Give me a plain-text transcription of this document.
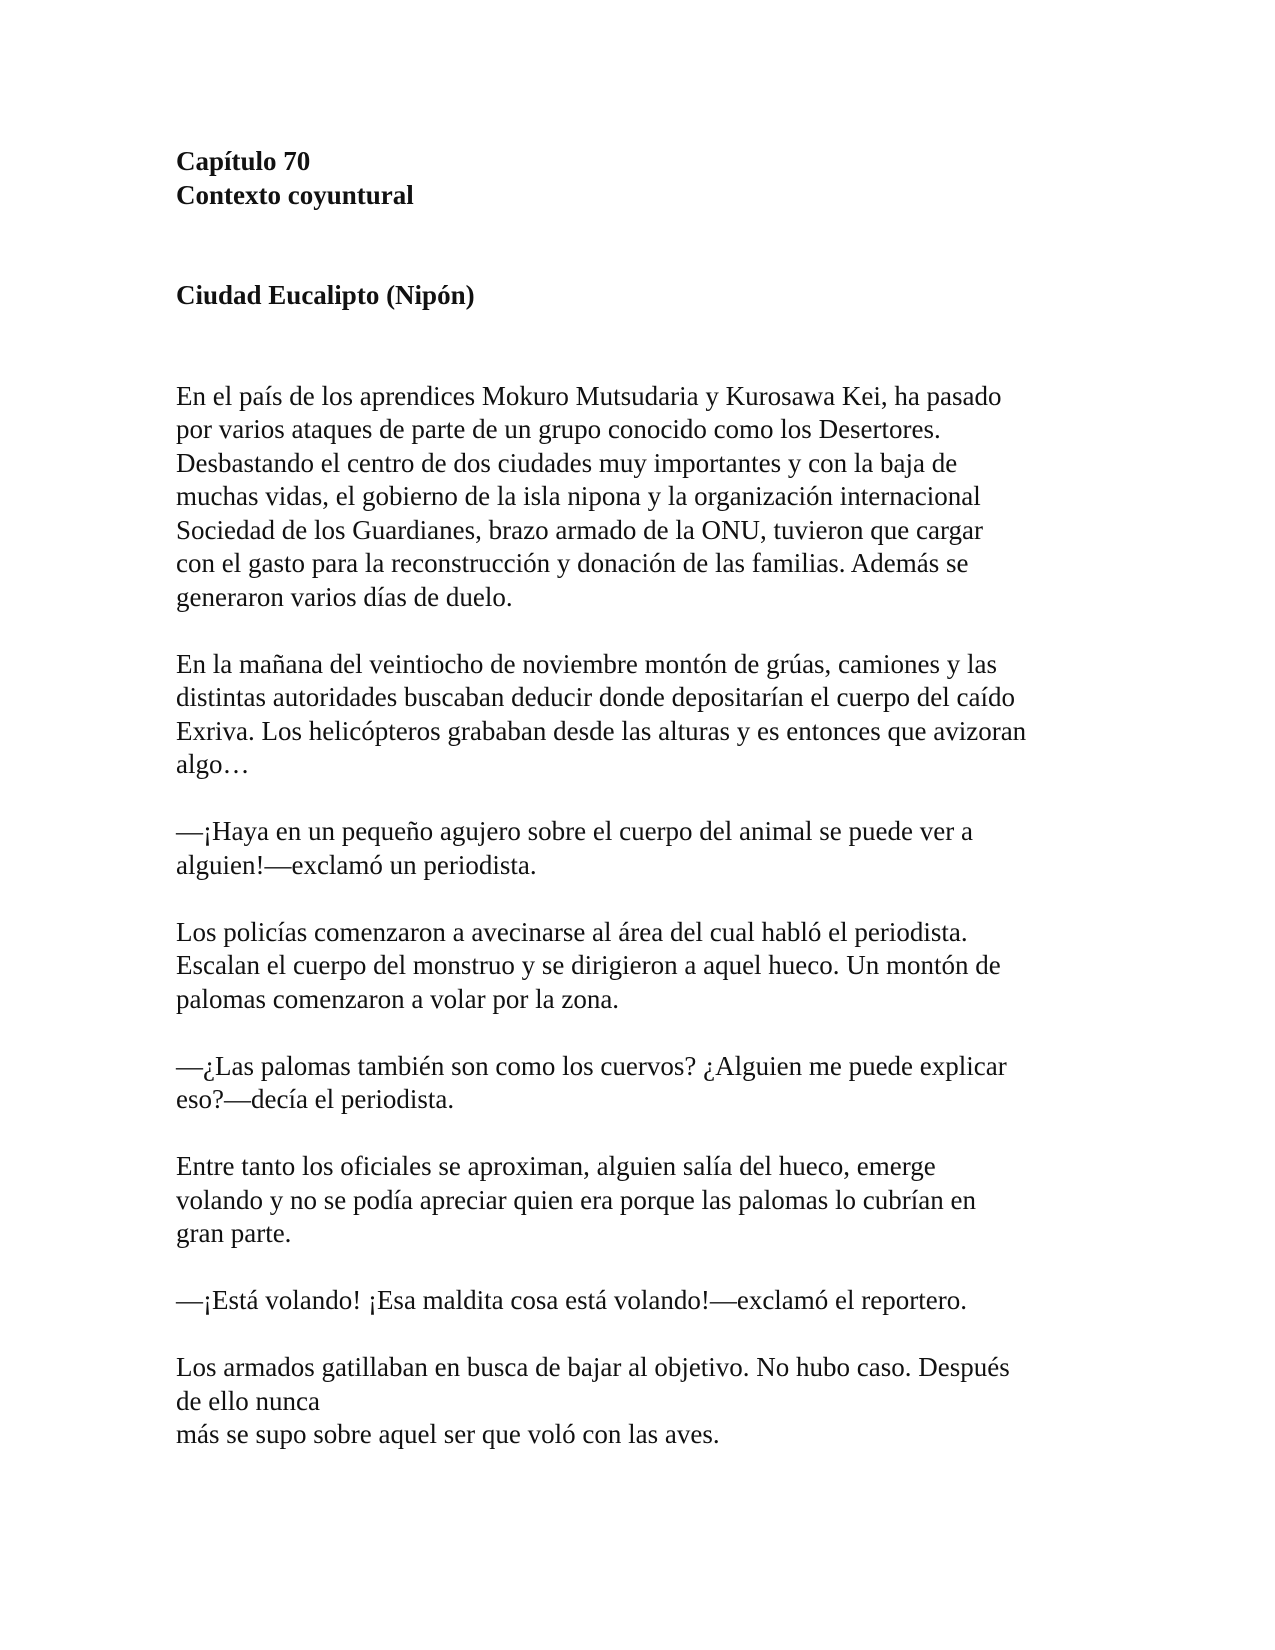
Capítulo 70

Contexto coyuntural

Ciudad Eucalipto (Nipón)

En el país de los aprendices Mokuro Mutsudaria y Kurosawa Kei, ha pasado
por varios ataques de parte de un grupo conocido como los Desertores.
Desbastando el centro de dos ciudades muy importantes y con la baja de
muchas vidas, el gobierno de la isla nipona y la organización internacional
Sociedad de los Guardianes, brazo armado de la ONU, tuvieron que cargar
con el gasto para la reconstrucción y donación de las familias. Además se
generaron varios días de duelo.

En la mañana del veintiocho de noviembre montón de grúas, camiones y las
distintas autoridades buscaban deducir donde depositarían el cuerpo del caído
Exriva. Los helicópteros grababan desde las alturas y es entonces que avizoran
algo…

—¡Haya en un pequeño agujero sobre el cuerpo del animal se puede ver a
alguien!—exclamó un periodista.

Los policías comenzaron a avecinarse al área del cual habló el periodista.
Escalan el cuerpo del monstruo y se dirigieron a aquel hueco. Un montón de
palomas comenzaron a volar por la zona.

—¿Las palomas también son como los cuervos? ¿Alguien me puede explicar
eso?—decía el periodista.

Entre tanto los oficiales se aproximan, alguien salía del hueco, emerge
volando y no se podía apreciar quien era porque las palomas lo cubrían en
gran parte.

—¡Está volando! ¡Esa maldita cosa está volando!—exclamó el reportero.

Los armados gatillaban en busca de bajar al objetivo. No hubo caso. Después
de ello nunca
más se supo sobre aquel ser que voló con las aves.
